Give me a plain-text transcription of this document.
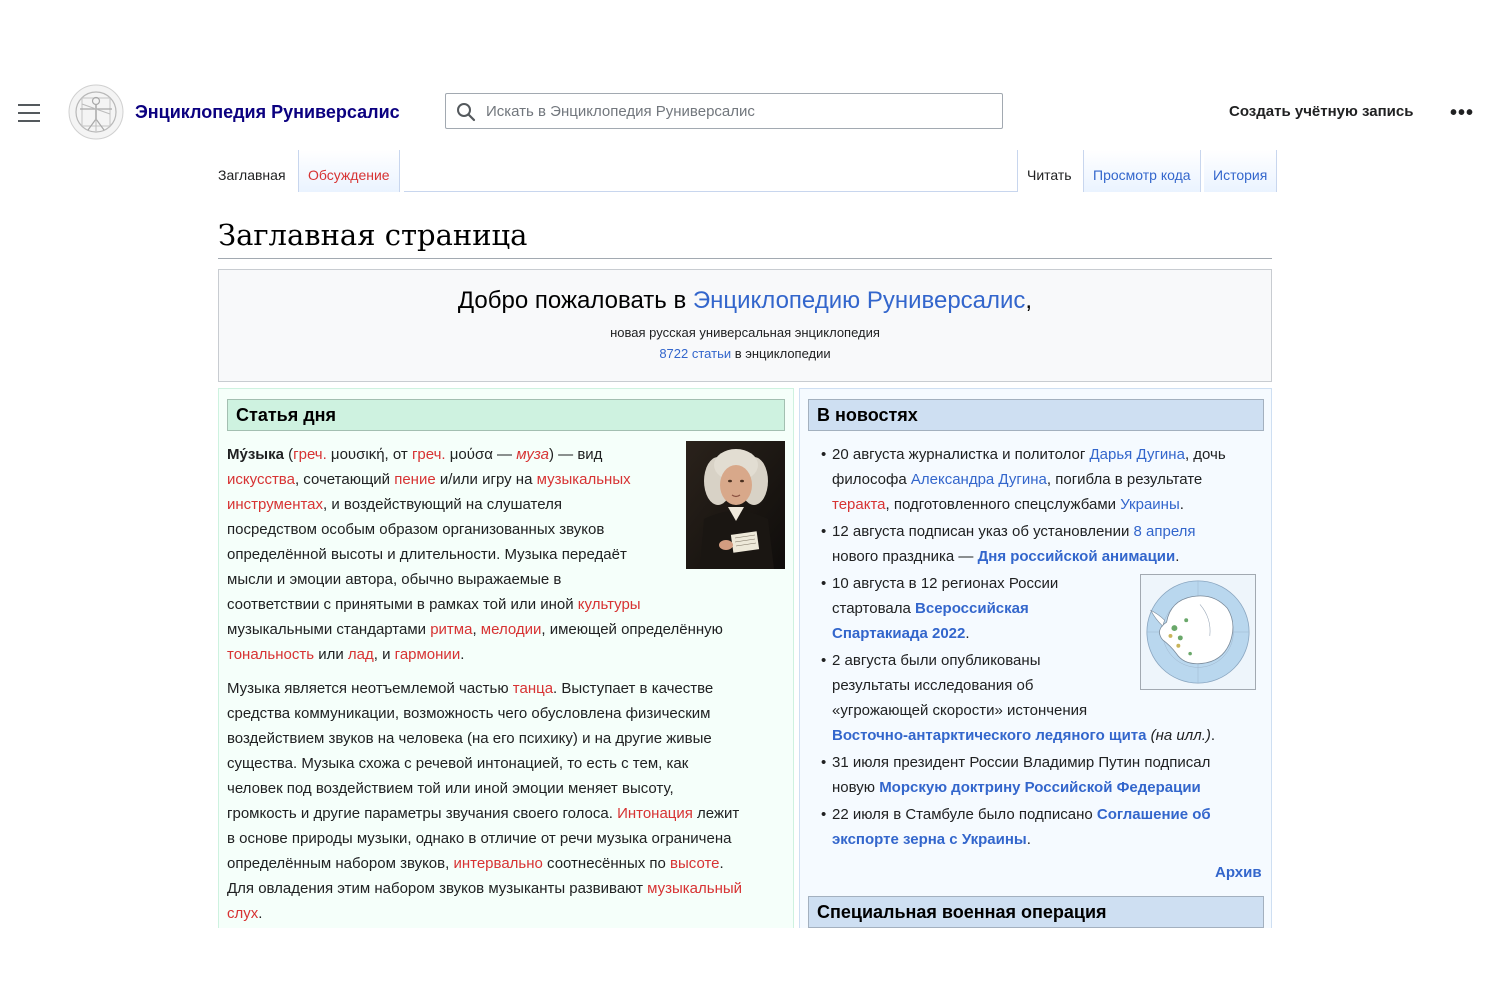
Энциклопедия Руниверсалис
Искать в Энциклопедия Руниверсалис	Создать учётную запись •••
Заглавная	Обсуждение	Читать	Просмотр кода	История
Заглавная страница
Добро пожаловать в Энциклопедию Руниверсалис,
новая русская универсальная энциклопедия
8722 статьи в энциклопедии
Статья дня
Му́зыка (греч. μουσική, от греч. μούσα — муза) — вид
искусства, сочетающий пение и/или игру на музыкальных
инструментах, и воздействующий на слушателя
посредством особым образом организованных звуков
определённой высоты и длительности. Музыка передаёт
мысли и эмоции автора, обычно выражаемые в
соответствии с принятыми в рамках той или иной культуры
музыкальными стандартами ритма, мелодии, имеющей определённую
тональность или лад, и гармонии.
Музыка является неотъемлемой частью танца. Выступает в качестве
средства коммуникации, возможность чего обусловлена физическим
воздействием звуков на человека (на его психику) и на другие живые
существа. Музыка схожа с речевой интонацией, то есть с тем, как
человек под воздействием той или иной эмоции меняет высоту,
громкость и другие параметры звучания своего голоса. Интонация лежит
в основе природы музыки, однако в отличие от речи музыка ограничена
определённым набором звуков, интервально соотнесённых по высоте.
Для овладения этим набором звуков музыканты развивают музыкальный
слух.
В новостях
• 20 августа журналистка и политолог Дарья Дугина, дочь
философа Александра Дугина, погибла в результате
теракта, подготовленного спецслужбами Украины.
• 12 августа подписан указ об установлении 8 апреля
нового праздника — Дня российской анимации.
• 10 августа в 12 регионах России
стартовала Всероссийская
Спартакиада 2022.
• 2 августа были опубликованы
результаты исследования об
«угрожающей скорости» истончения
Восточно-антарктического ледяного щита (на илл.).
• 31 июля президент России Владимир Путин подписал
новую Морскую доктрину Российской Федерации
• 22 июля в Стамбуле было подписано Соглашение об
экспорте зерна с Украины.
Архив
Специальная военная операция
